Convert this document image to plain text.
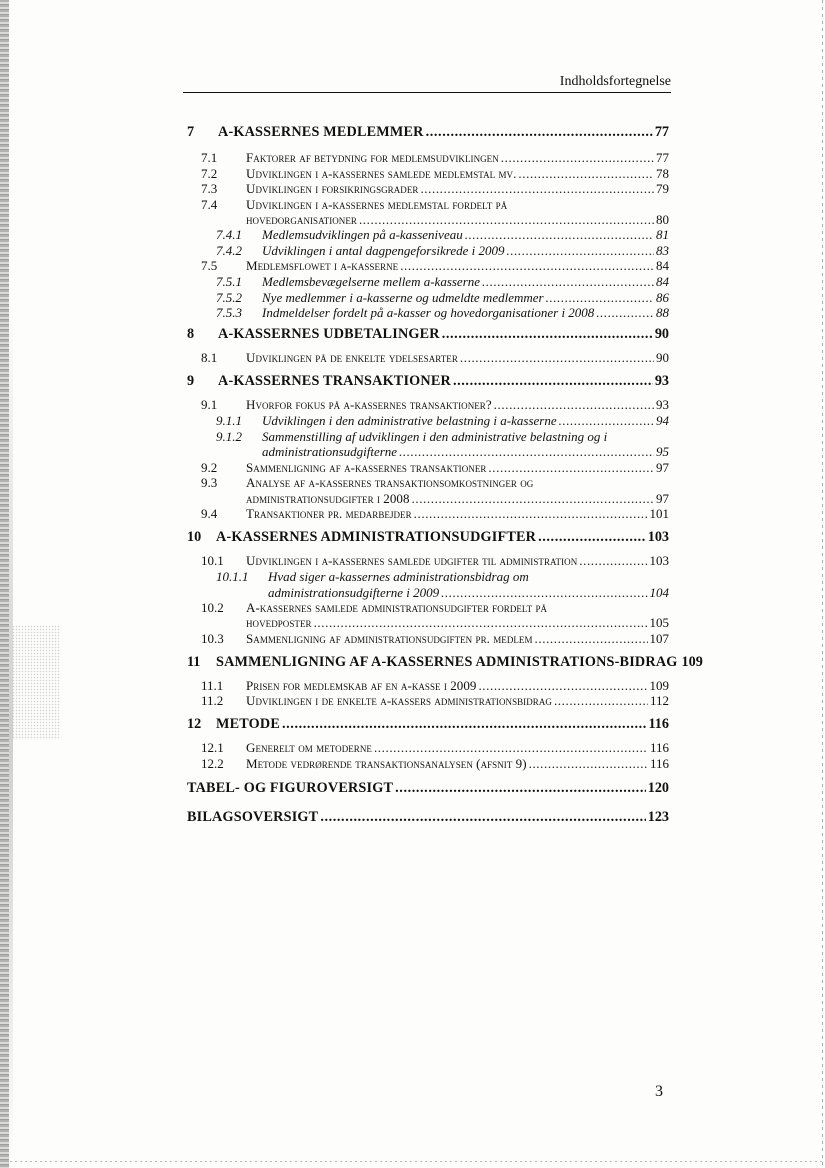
Indholdsfortegnelse
7	A-KASSERNES MEDLEMMER .....	77
7.1	Faktorer af betydning for medlemsudviklingen .....	77
7.2	Udviklingen i a-kassernes samlede medlemstal mv. .....	78
7.3	Udviklingen i forsikringsgrader .....	79
7.4	Udviklingen i a-kassernes medlemstal fordelt på
hovedorganisationer .....	80
7.4.1	Medlemsudviklingen på a-kasseniveau .....	81
7.4.2	Udviklingen i antal dagpengeforsikrede i 2009 .....	83
7.5	Medlemsflowet i a-kasserne .....	84
7.5.1	Medlemsbevægelserne mellem a-kasserne .....	84
7.5.2	Nye medlemmer i a-kasserne og udmeldte medlemmer .....	86
7.5.3	Indmeldelser fordelt på a-kasser og hovedorganisationer i 2008 .....	88
8	A-KASSERNES UDBETALINGER .....	90
8.1	Udviklingen på de enkelte ydelsesarter .....	90
9	A-KASSERNES TRANSAKTIONER .....	93
9.1	Hvorfor fokus på a-kassernes transaktioner? .....	93
9.1.1	Udviklingen i den administrative belastning i a-kasserne .....	94
9.1.2	Sammenstilling af udviklingen i den administrative belastning og i
administrationsudgifterne .....	95
9.2	Sammenligning af a-kassernes transaktioner .....	97
9.3	Analyse af a-kassernes transaktionsomkostninger og
administrationsudgifter i 2008 .....	97
9.4	Transaktioner pr. medarbejder .....	101
10	A-KASSERNES ADMINISTRATIONSUDGIFTER .....	103
10.1	Udviklingen i a-kassernes samlede udgifter til administration .....	103
10.1.1	Hvad siger a-kassernes administrationsbidrag om
administrationsudgifterne i 2009 .....	104
10.2	A-kassernes samlede administrationsudgifter fordelt på
hovedposter .....	105
10.3	Sammenligning af administrationsudgiften pr. medlem .....	107
11	SAMMENLIGNING AF A-KASSERNES ADMINISTRATIONS-BIDRAG 109
11.1	Prisen for medlemskab af en a-kasse i 2009 .....	109
11.2	Udviklingen i de enkelte a-kassers administrationsbidrag .....	112
12	METODE .....	116
12.1	Generelt om metoderne .....	116
12.2	Metode vedrørende transaktionsanalysen (afsnit 9) .....	116
TABEL- OG FIGUROVERSIGT .....	120
BILAGSOVERSIGT .....	123
3
